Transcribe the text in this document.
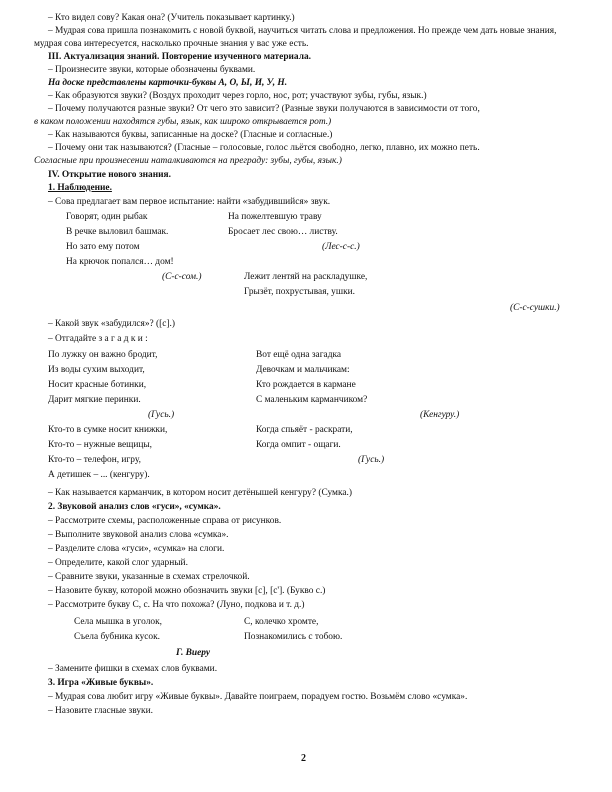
– Кто видел сову? Какая она? (Учитель показывает картинку.)
– Мудрая сова пришла познакомить с новой буквой, научиться читать слова и предложения. Но прежде чем дать новые знания,
мудрая сова интересуется, насколько прочные знания у вас уже есть.
III. Актуализация знаний. Повторение изученного материала.
– Произнесите звуки, которые обозначены буквами.
На доске представлены карточки-буквы А, О, Ы, И, У, Н.
– Как образуются звуки? (Воздух проходит через горло, нос, рот; участвуют зубы, губы, язык.)
– Почему получаются разные звуки? От чего это зависит? (Разные звуки получаются в зависимости от того,
в каком положении находятся губы, язык, как широко открывается рот.)
– Как называются буквы, записанные на доске? (Гласные и согласные.)
– Почему они так называются? (Гласные – голосовые, голос льётся свободно, легко, плавно, их можно петь.
Согласные при произнесении наталкиваются на преграду: зубы, губы, язык.)
IV. Открытие нового знания.
1. Наблюдение.
– Сова предлагает вам первое испытание: найти «забудившийся» звук.
Говорят, один рыбак	На пожелтевшую траву
В речке выловил башмак.	Бросает лес свою… листву.
Но зато ему потом	(Лес-с-с.)
На крючок попался… дом!
(С-с-сом.)	Лежит лентяй на раскладушке,
Грызёт, похрустывая, ушки.
(С-с-сушки.)
– Какой звук «забудился»? ([с].)
– Отгадайте з а г а д к и :
По лужку он важно бродит,	Вот ещё одна загадка
Из воды сухим выходит,	Девочкам и мальчикам:
Носит красные ботинки,	Кто рождается в кармане
Дарит мягкие перинки.	С маленьким карманчиком?
(Гусь.)	(Кенгуру.)
Кто-то в сумке носит книжки,	Когда спьяёт - раскрати,
Кто-то – нужные вещицы,	Когда омпит - ощаги.
Кто-то – телефон, игру,	(Гусь.)
А детишек – ... (кенгуру).
– Как называется карманчик, в котором носит детёнышей кенгуру? (Сумка.)
2. Звуковой анализ слов «гуси», «сумка».
– Рассмотрите схемы, расположенные справа от рисунков.
– Выполните звуковой анализ слова «сумка».
– Разделите слова «гуси», «сумка» на слоги.
– Определите, какой слог ударный.
– Сравните звуки, указанные в схемах стрелочкой.
– Назовите букву, которой можно обозначить звуки [с], [с']. (Букво с.)
– Рассмотрите букву С, с. На что похожа? (Луно, подкова и т. д.)
Села мышка в уголок,	С, колечко хромте,
Съела бубника кусок.	Познакомились с тобою.
Г. Виеру
– Замените фишки в схемах слов буквами.
3. Игра «Живые буквы».
– Мудрая сова любит игру «Живые буквы». Давайте поиграем, порадуем гостю. Возьмём слово «сумка».
– Назовите гласные звуки.
2
